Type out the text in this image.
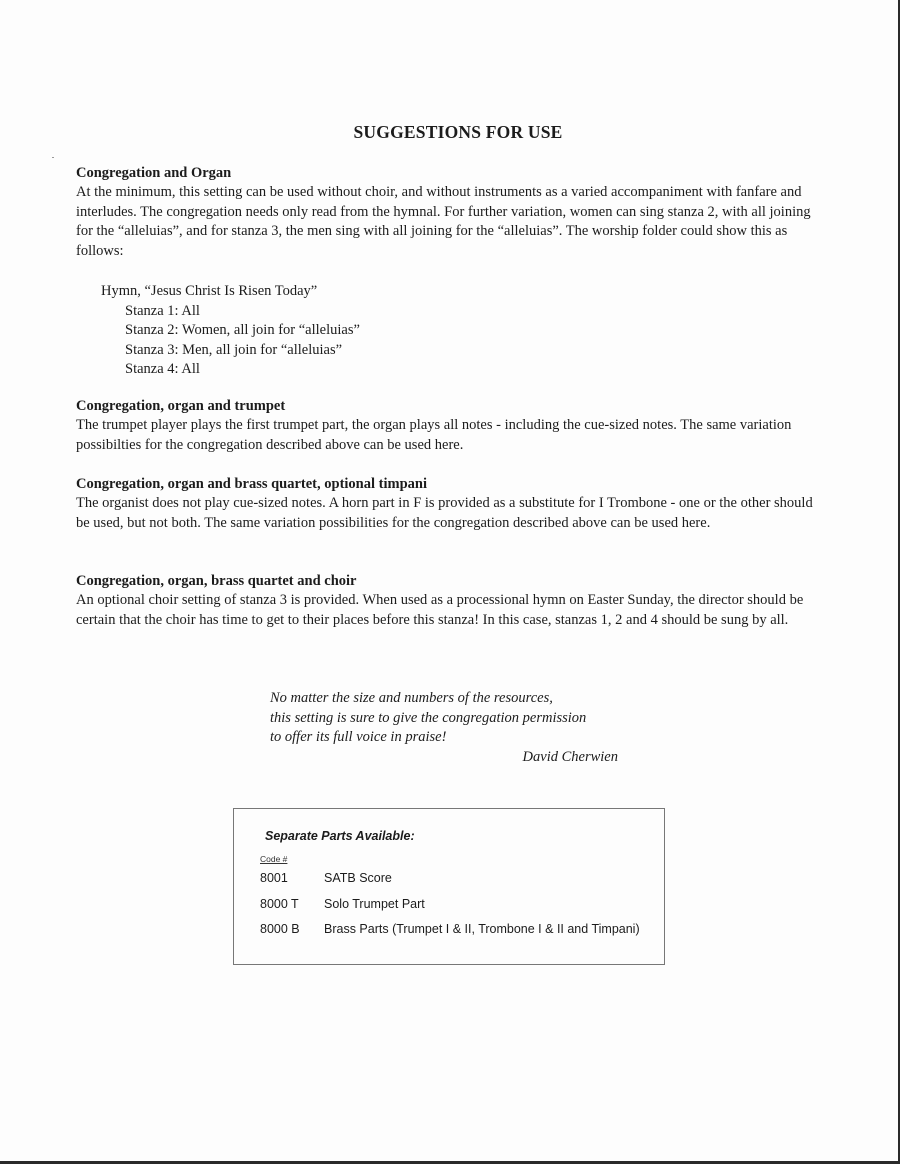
SUGGESTIONS FOR USE
Congregation and Organ

At the minimum, this setting can be used without choir, and without instruments as a varied accompaniment with fanfare and interludes. The congregation needs only read from the hymnal. For further variation, women can sing stanza 2, with all joining for the “alleluias”, and for stanza 3, the men sing with all joining for the “alleluias”. The worship folder could show this as follows:

Hymn, “Jesus Christ Is Risen Today”
Stanza 1: All
Stanza 2: Women, all join for “alleluias”
Stanza 3: Men, all join for “alleluias”
Stanza 4: All
Congregation, organ and trumpet

The trumpet player plays the first trumpet part, the organ plays all notes - including the cue-sized notes. The same variation possibilties for the congregation described above can be used here.

Congregation, organ and brass quartet, optional timpani

The organist does not play cue-sized notes. A horn part in F is provided as a substitute for I Trombone - one or the other should be used, but not both. The same variation possibilities for the congregation described above can be used here.

Congregation, organ, brass quartet and choir

An optional choir setting of stanza 3 is provided. When used as a processional hymn on Easter Sunday, the director should be certain that the choir has time to get to their places before this stanza! In this case, stanzas 1, 2 and 4 should be sung by all.

No matter the size and numbers of the resources,
this setting is sure to give the congregation permission
to offer its full voice in praise!
David Cherwien
Separate Parts Available:
Code #
8001	SATB Score
8000 T Solo Trumpet Part
8000 B Brass Parts (Trumpet I & II, Trombone I & II and Timpani)
